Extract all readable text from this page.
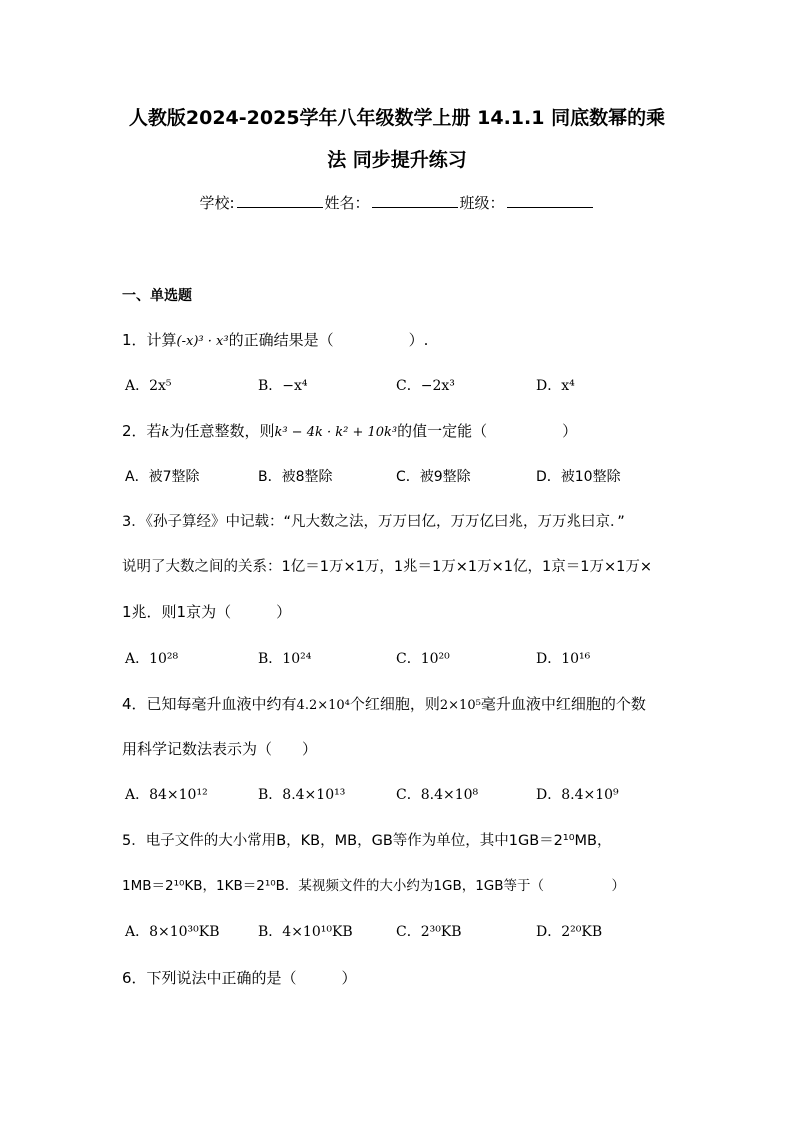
人教版2024-2025学年八年级数学上册 14.1.1 同底数幂的乘
法 同步提升练习
学校:	姓名：	班级：
一、单选题
1．计算(-x)³ · x³的正确结果是（　　　　　）.
A．2x⁵	B．−x⁴	C．−2x³	D．x⁴
2．若k为任意整数，则k³ − 4k · k² + 10k³的值一定能（　　　　　）
A．被7整除	B．被8整除	C．被9整除	D．被10整除
3．《孙子算经》中记载：“凡大数之法，万万曰亿，万万亿曰兆，万万兆曰京．”
说明了大数之间的关系：1亿＝1万×1万，1兆＝1万×1万×1亿，1京＝1万×1万×
1兆．则1京为（　　　）
A．10²⁸	B．10²⁴	C．10²⁰	D．10¹⁶
4．已知每毫升血液中约有4.2×10⁴个红细胞，则2×10⁵毫升血液中红细胞的个数
用科学记数法表示为（　　）
A．84×10¹²	B．8.4×10¹³	C．8.4×10⁸	D．8.4×10⁹
5．电子文件的大小常用B，KB，MB，GB等作为单位，其中1GB＝2¹⁰MB，
1MB＝2¹⁰KB，1KB＝2¹⁰B．某视频文件的大小约为1GB，1GB等于（　　　　　）
A．8×10³⁰KB	B．4×10¹⁰KB	C．2³⁰KB	D．2²⁰KB
6．下列说法中正确的是（　　　）
